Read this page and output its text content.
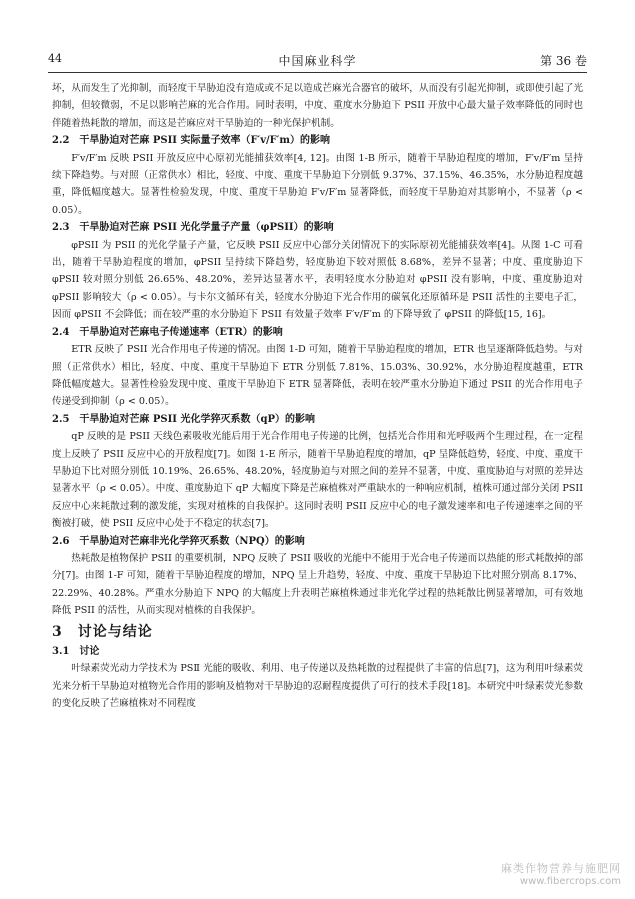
44	中国麻业科学	第 36 卷

坏，从而发生了光抑制，而轻度干旱胁迫没有造成或不足以造成芒麻光合器官的破坏，从而没有引起光抑制，或即使引起了光抑制，但较微弱，不足以影响芒麻的光合作用。同时表明，中度、重度水分胁迫下 PSII 开放中心最大量子效率降低的同时也伴随着热耗散的增加，而这是芒麻应对干旱胁迫的一种光保护机制。

2.2　干旱胁迫对芒麻 PSII 实际量子效率（F′v/F′m）的影响

F′v/F′m 反映 PSII 开放反应中心原初光能捕获效率[4, 12]。由图 1-B 所示，随着干旱胁迫程度的增加，F′v/F′m 呈持续下降趋势。与对照（正常供水）相比，轻度、中度、重度干旱胁迫下分别低 9.37%、37.15%、46.35%，水分胁迫程度越重，降低幅度越大。显著性检验发现，中度、重度干旱胁迫 F′v/F′m 显著降低，而轻度干旱胁迫对其影响小，不显著（ρ < 0.05）。

2.3　干旱胁迫对芒麻 PSII 光化学量子产量（φPSII）的影响

φPSII 为 PSII 的光化学量子产量，它反映 PSII 反应中心部分关闭情况下的实际原初光能捕获效率[4]。从图 1-C 可看出，随着干旱胁迫程度的增加，φPSII 呈持续下降趋势，轻度胁迫下较对照低 8.68%，差异不显著；中度、重度胁迫下 φPSII 较对照分别低 26.65%、48.20%，差异达显著水平，表明轻度水分胁迫对 φPSII 没有影响，中度、重度胁迫对 φPSII 影响较大（ρ < 0.05）。与卡尔文循环有关，轻度水分胁迫下光合作用的碳氧化还原循环是 PSII 活性的主要电子汇，因而 φPSII 不会降低；而在较严重的水分胁迫下 PSII 有效量子效率 F′v/F′m 的下降导致了 φPSII 的降低[15, 16]。

2.4　干旱胁迫对芒麻电子传递速率（ETR）的影响

ETR 反映了 PSII 光合作用电子传递的情况。由图 1-D 可知，随着干旱胁迫程度的增加，ETR 也呈逐渐降低趋势。与对照（正常供水）相比，轻度、中度、重度干旱胁迫下 ETR 分别低 7.81%、15.03%、30.92%，水分胁迫程度越重，ETR 降低幅度越大。显著性检验发现中度、重度干旱胁迫下 ETR 显著降低，表明在较严重水分胁迫下通过 PSII 的光合作用电子传递受到抑制（ρ < 0.05）。

2.5　干旱胁迫对芒麻 PSII 光化学猝灭系数（qP）的影响

qP 反映的是 PSII 天线色素吸收光能后用于光合作用电子传递的比例，包括光合作用和光呼吸两个生理过程，在一定程度上反映了 PSII 反应中心的开放程度[7]。如图 1-E 所示，随着干旱胁迫程度的增加，qP 呈降低趋势，轻度、中度、重度干旱胁迫下比对照分别低 10.19%、26.65%、48.20%，轻度胁迫与对照之间的差异不显著，中度、重度胁迫与对照的差异达显著水平（ρ < 0.05）。中度、重度胁迫下 qP 大幅度下降是芒麻植株对严重缺水的一种响应机制，植株可通过部分关闭 PSII 反应中心来耗散过剩的激发能，实现对植株的自我保护。这同时表明 PSII 反应中心的电子激发速率和电子传递速率之间的平衡被打破，使 PSII 反应中心处于不稳定的状态[7]。

2.6　干旱胁迫对芒麻非光化学猝灭系数（NPQ）的影响

热耗散是植物保护 PSII 的重要机制，NPQ 反映了 PSII 吸收的光能中不能用于光合电子传递而以热能的形式耗散掉的部分[7]。由图 1-F 可知，随着干旱胁迫程度的增加，NPQ 呈上升趋势，轻度、中度、重度干旱胁迫下比对照分别高 8.17%、22.29%、40.28%。严重水分胁迫下 NPQ 的大幅度上升表明芒麻植株通过非光化学过程的热耗散比例显著增加，可有效地降低 PSII 的活性，从而实现对植株的自我保护。

3　讨论与结论
3.1　讨论

叶绿素荧光动力学技术为 PSⅡ 光能的吸收、利用、电子传递以及热耗散的过程提供了丰富的信息[7]，这为利用叶绿素荧光来分析干旱胁迫对植物光合作用的影响及植物对干旱胁迫的忍耐程度提供了可行的技术手段[18]。本研究中叶绿素荧光参数的变化反映了芒麻植株对不同程度

麻类作物营养与施肥网
www.fibercrops.com
